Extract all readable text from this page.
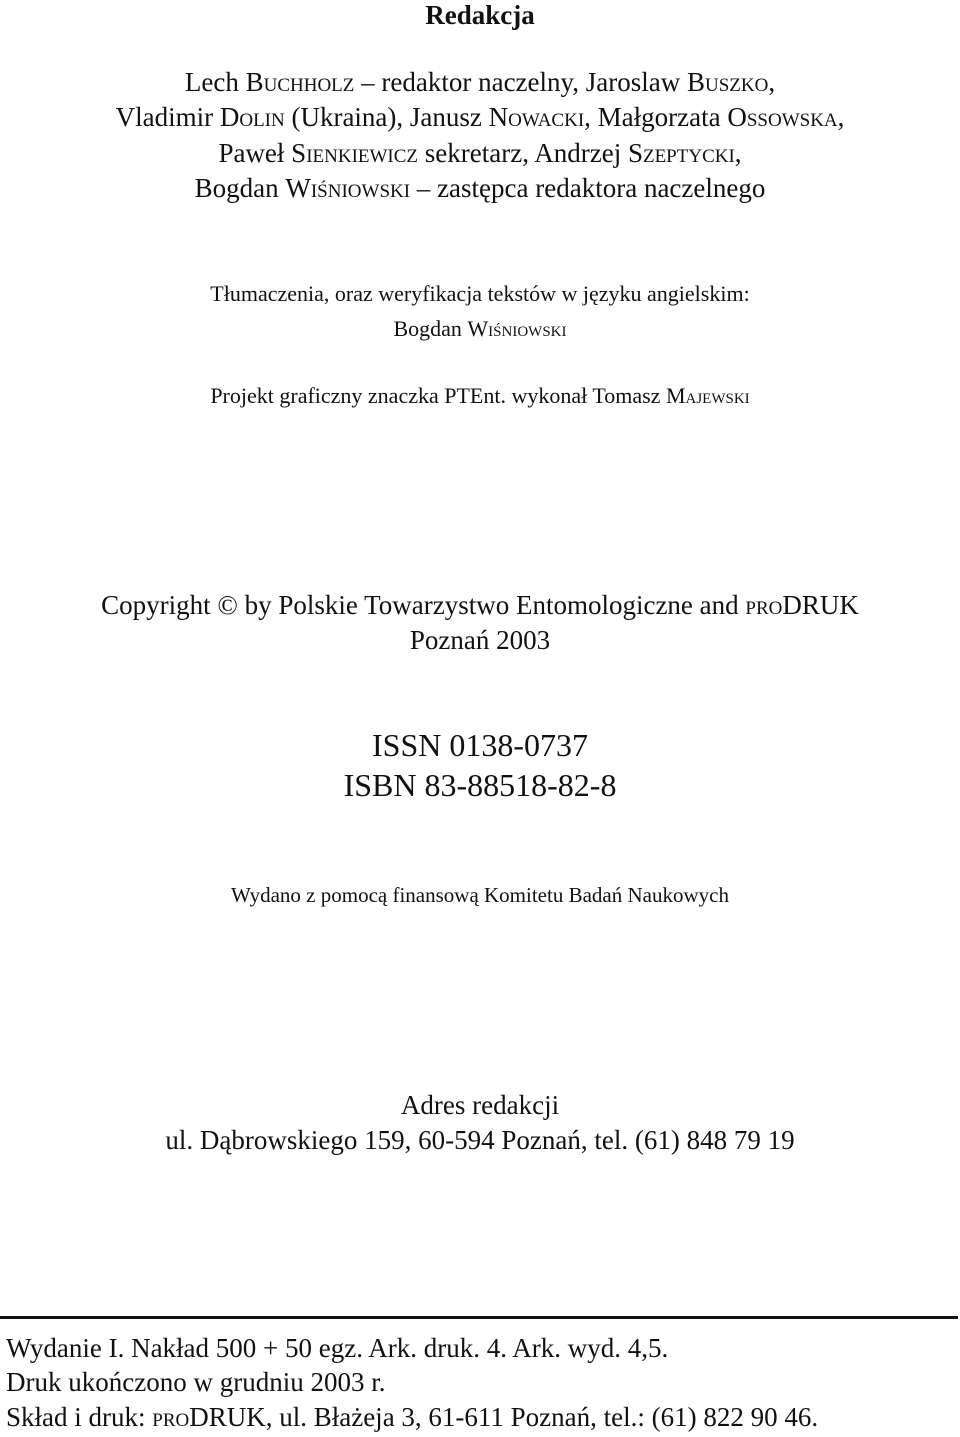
Redakcja

Lech Buchholz – redaktor naczelny, Jaroslaw Buszko,

Vladimir Dolin (Ukraina), Janusz Nowacki, Małgorzata Ossowska,

Paweł Sienkiewicz sekretarz, Andrzej Szeptycki,

Bogdan Wiśniowski – zastępca redaktora naczelnego

Tłumaczenia, oraz weryfikacja tekstów w języku angielskim:

Bogdan Wiśniowski

Projekt graficzny znaczka PTEnt. wykonał Tomasz Majewski

Copyright © by Polskie Towarzystwo Entomologiczne and proDRUK

Poznań 2003

ISSN 0138-0737

ISBN 83-88518-82-8

Wydano z pomocą finansową Komitetu Badań Naukowych

Adres redakcji

ul. Dąbrowskiego 159, 60-594 Poznań, tel. (61) 848 79 19

Wydanie I. Nakład 500 + 50 egz. Ark. druk. 4. Ark. wyd. 4,5.

Druk ukończono w grudniu 2003 r.

Skład i druk: proDRUK, ul. Błażeja 3, 61-611 Poznań, tel.: (61) 822 90 46.
